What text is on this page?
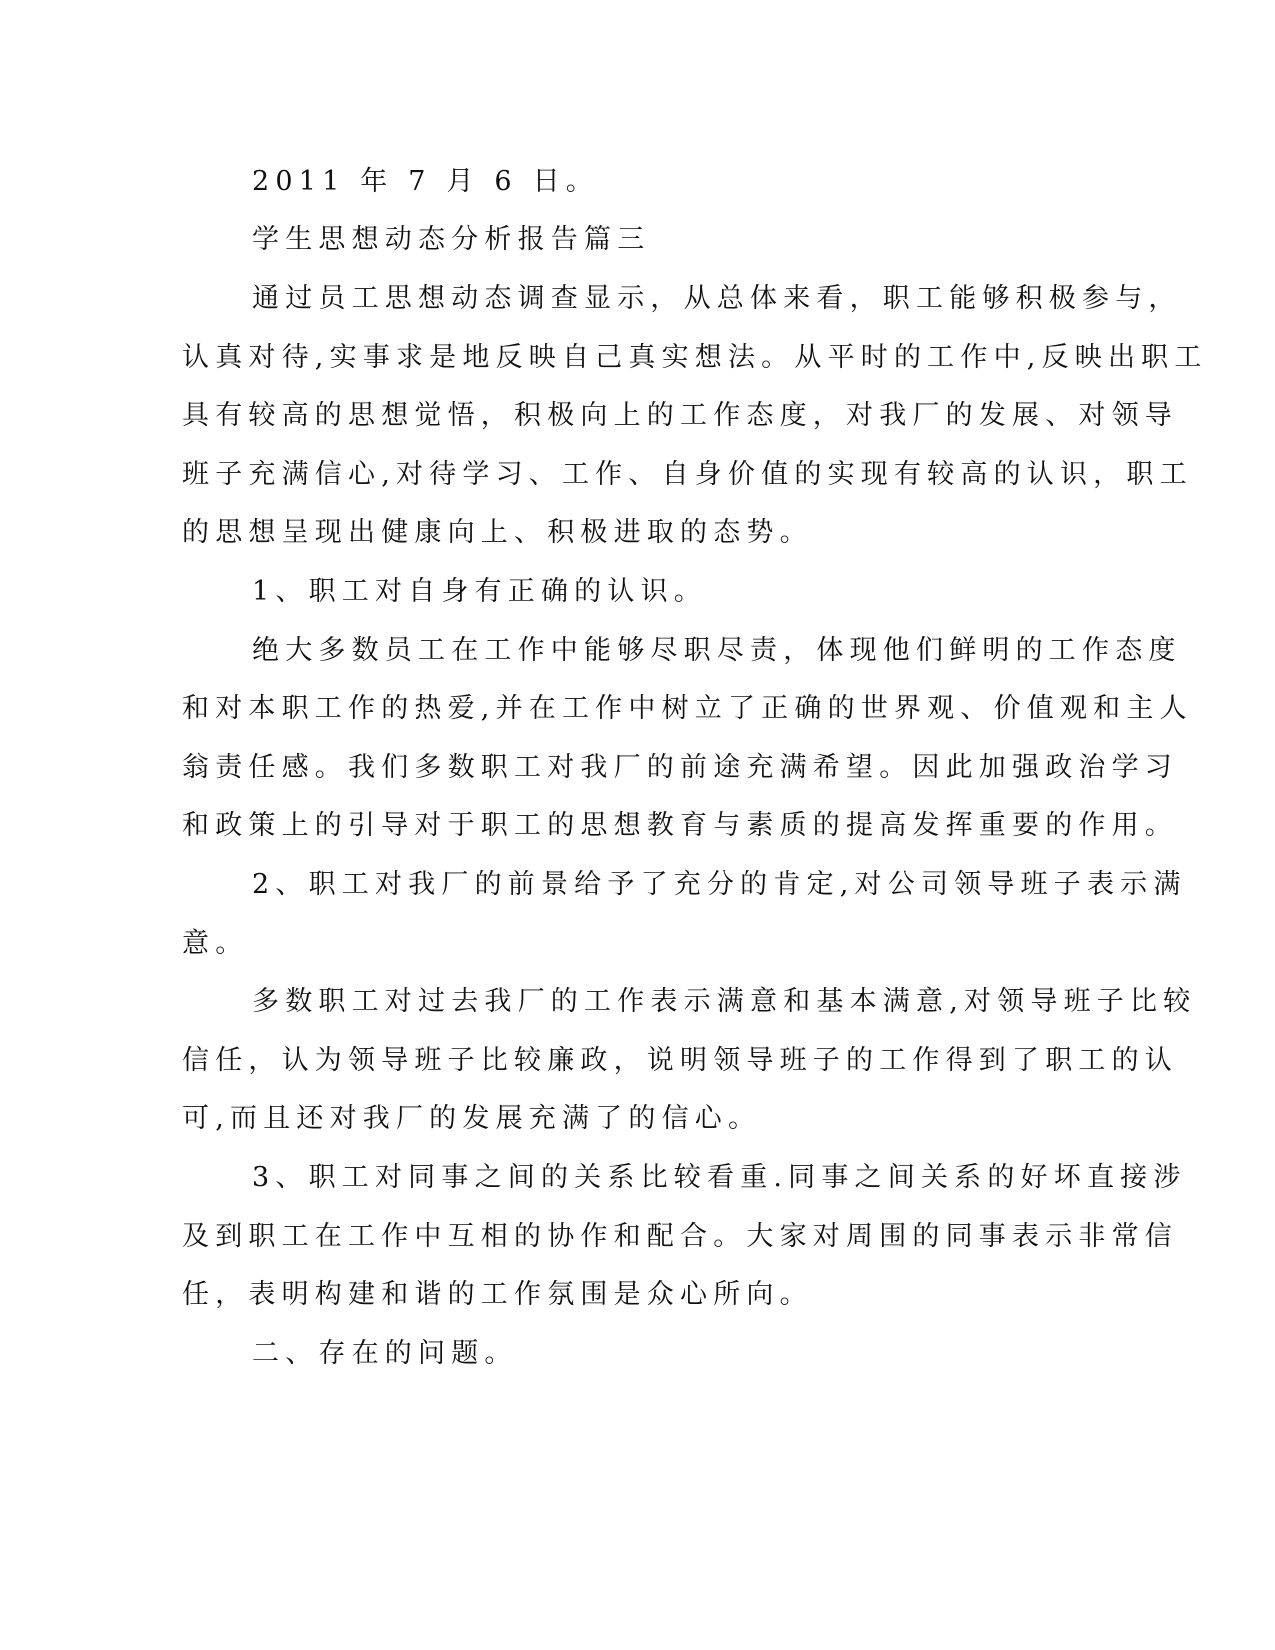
2011 年 7 月 6 日。
学生思想动态分析报告篇三
通过员工思想动态调查显示，从总体来看，职工能够积极参与，
认真对待,实事求是地反映自己真实想法。从平时的工作中,反映出职工
具有较高的思想觉悟，积极向上的工作态度，对我厂的发展、对领导
班子充满信心,对待学习、工作、自身价值的实现有较高的认识，职工
的思想呈现出健康向上、积极进取的态势。
1、职工对自身有正确的认识。
绝大多数员工在工作中能够尽职尽责，体现他们鲜明的工作态度
和对本职工作的热爱,并在工作中树立了正确的世界观、价值观和主人
翁责任感。我们多数职工对我厂的前途充满希望。因此加强政治学习
和政策上的引导对于职工的思想教育与素质的提高发挥重要的作用。
2、职工对我厂的前景给予了充分的肯定,对公司领导班子表示满
意。
多数职工对过去我厂的工作表示满意和基本满意,对领导班子比较
信任，认为领导班子比较廉政，说明领导班子的工作得到了职工的认
可,而且还对我厂的发展充满了的信心。
3、职工对同事之间的关系比较看重.同事之间关系的好坏直接涉
及到职工在工作中互相的协作和配合。大家对周围的同事表示非常信
任，表明构建和谐的工作氛围是众心所向。
二、存在的问题。
